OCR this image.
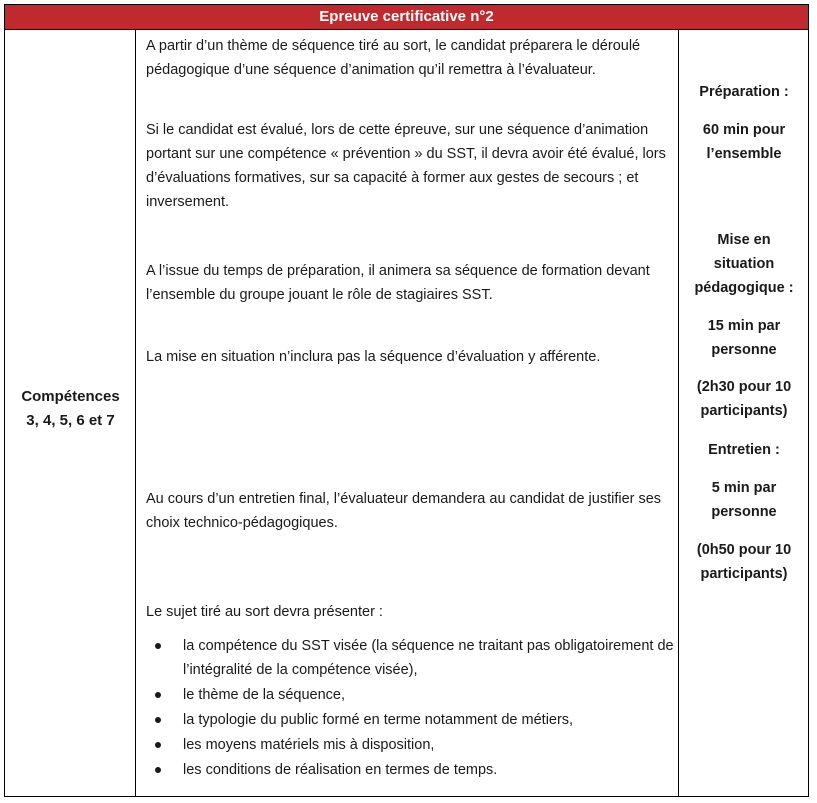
Epreuve certificative n°2
Compétences
3, 4, 5, 6 et 7

A partir d’un thème de séquence tiré au sort, le candidat préparera le déroulé pédagogique d’une séquence d’animation qu’il remettra à l’évaluateur.

Si le candidat est évalué, lors de cette épreuve, sur une séquence d’animation portant sur une compétence « prévention » du SST, il devra avoir été évalué, lors d’évaluations formatives, sur sa capacité à former aux gestes de secours ; et inversement.

A l’issue du temps de préparation, il animera sa séquence de formation devant l’ensemble du groupe jouant le rôle de stagiaires SST.

La mise en situation n’inclura pas la séquence d’évaluation y afférente.

Au cours d’un entretien final, l’évaluateur demandera au candidat de justifier ses choix technico-pédagogiques.

Le sujet tiré au sort devra présenter :

la compétence du SST visée (la séquence ne traitant pas obligatoirement de l’intégralité de la compétence visée),
le thème de la séquence,
la typologie du public formé en terme notamment de métiers,
les moyens matériels mis à disposition,
les conditions de réalisation en termes de temps.

Préparation :

60 min pour l’ensemble

Mise en situation pédagogique :

15 min par personne

(2h30 pour 10 participants)

Entretien :

5 min par personne

(0h50 pour 10 participants)
